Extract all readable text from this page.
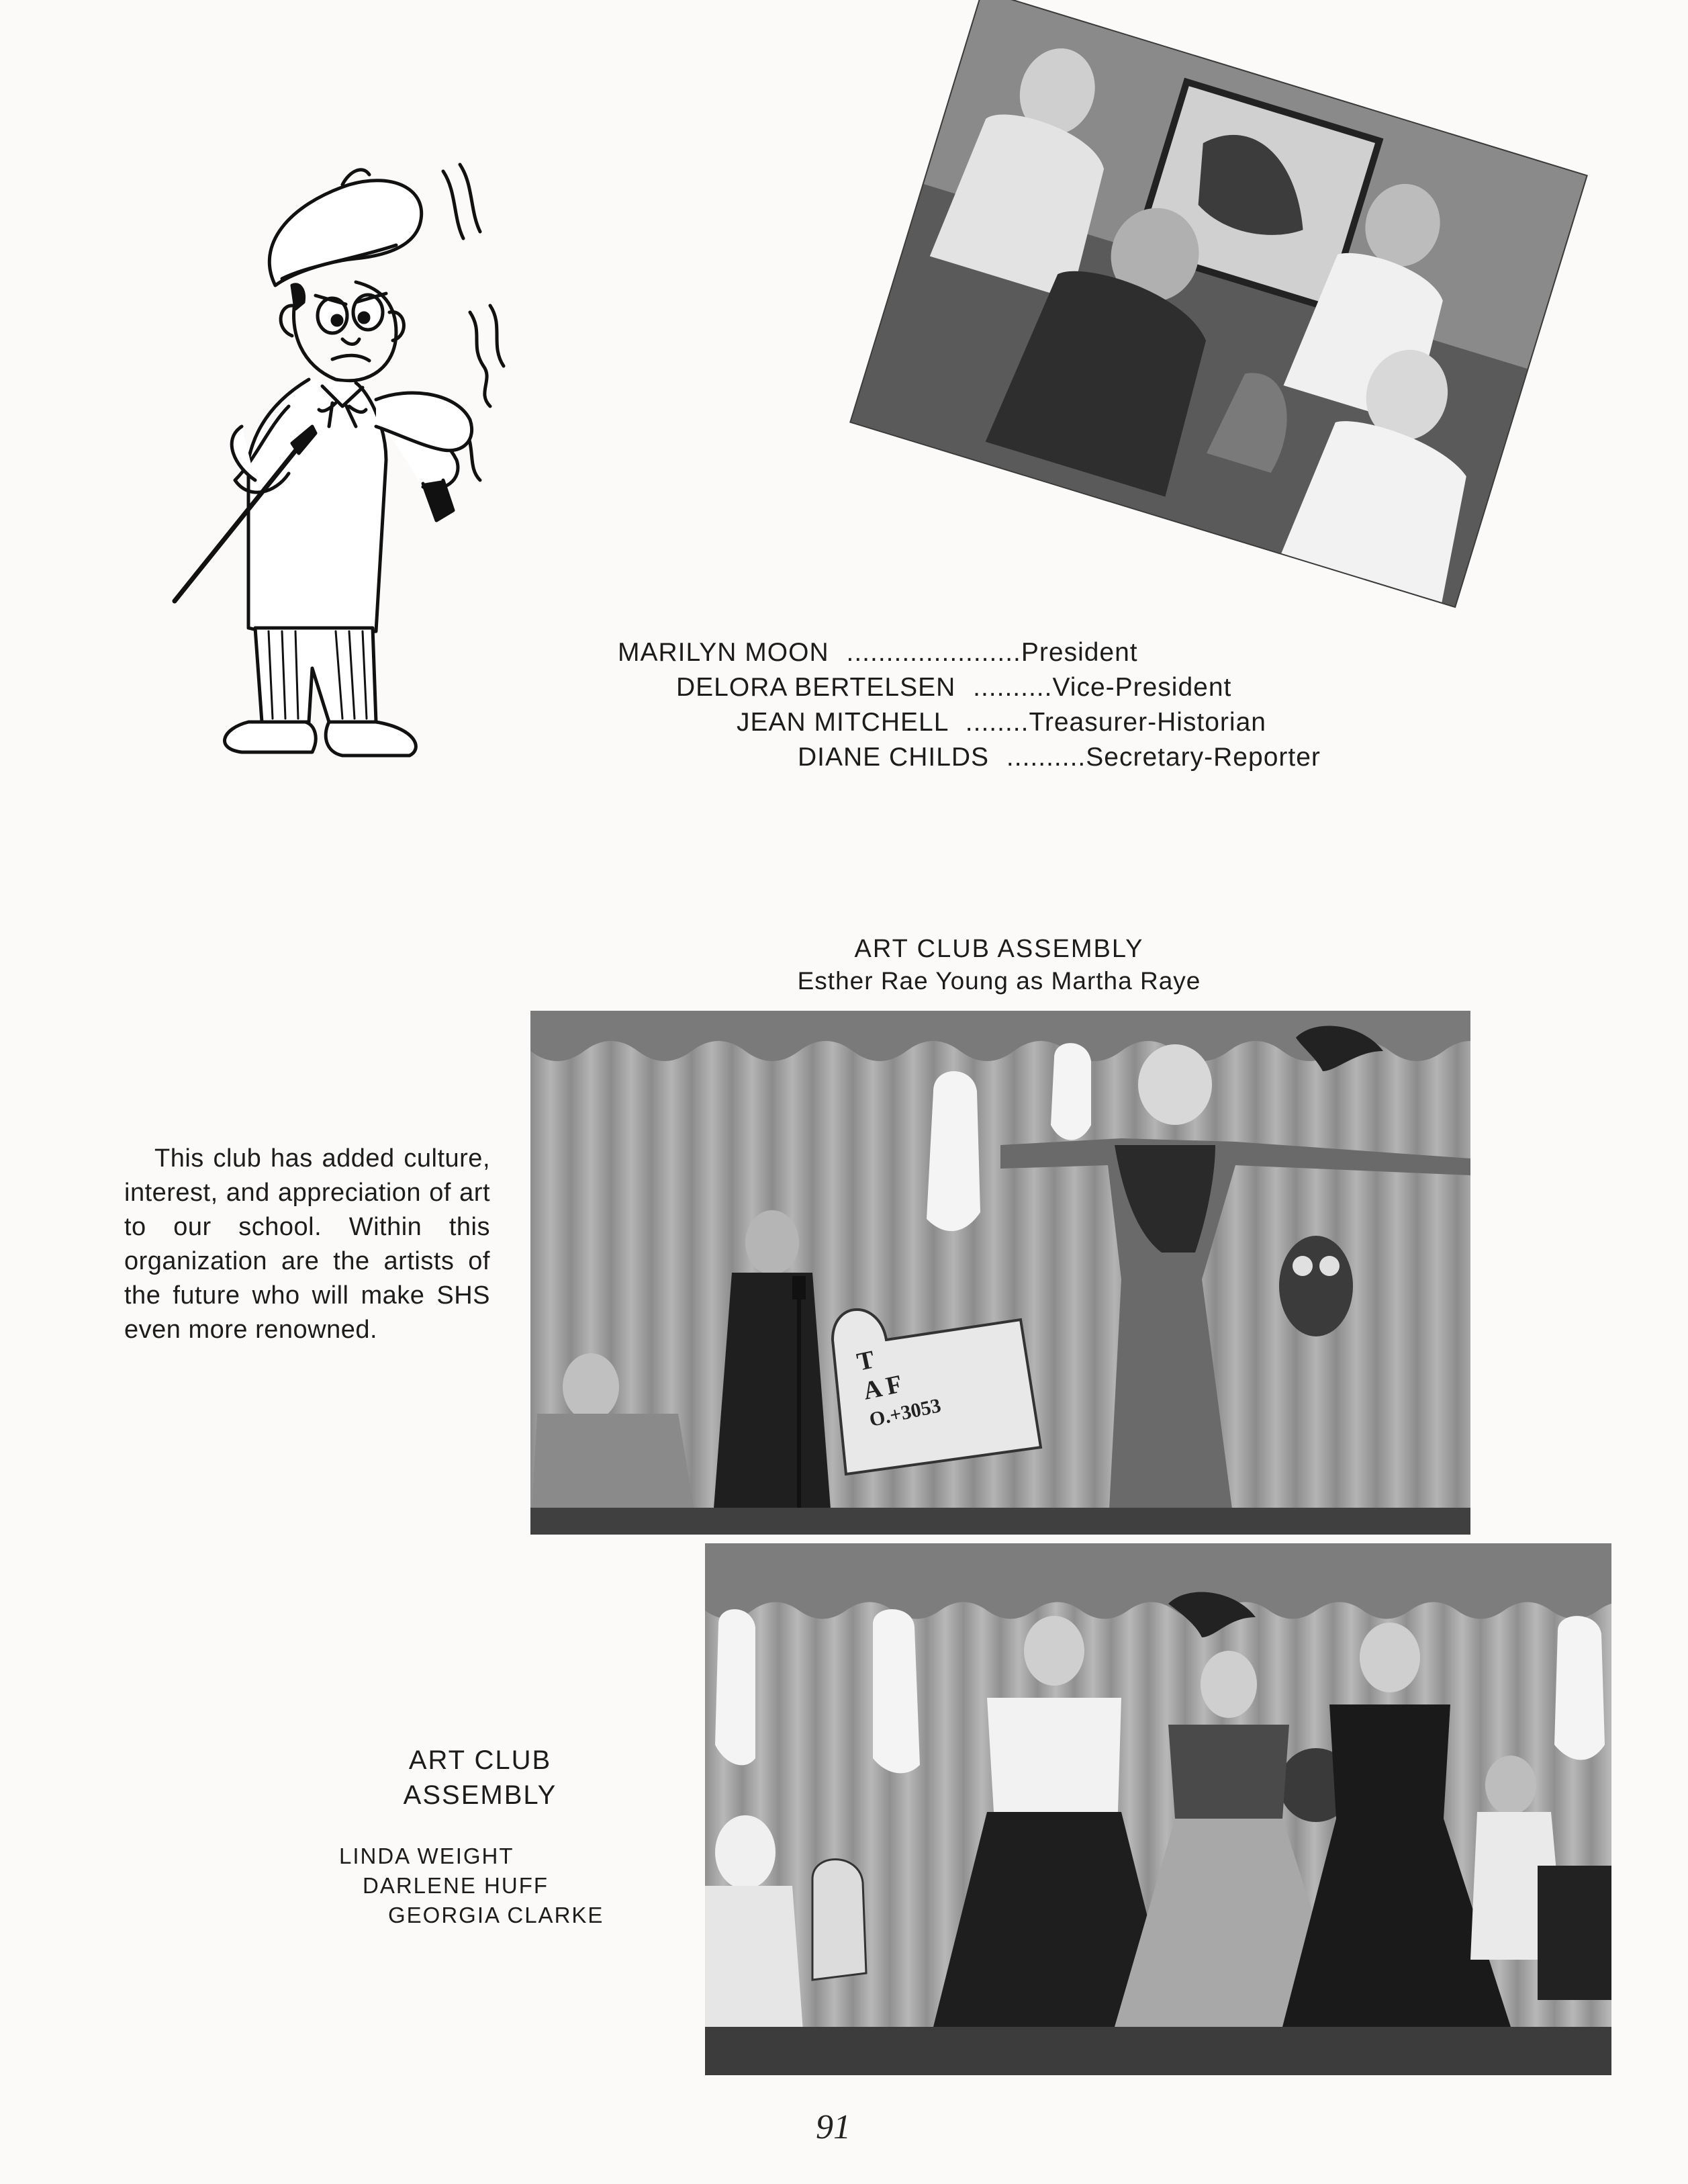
MARILYN MOON ......................President
DELORA BERTELSEN ..........Vice-President
JEAN MITCHELL ........Treasurer-Historian
DIANE CHILDS ..........Secretary-Reporter
ART CLUB ASSEMBLY
Esther Rae Young as Martha Raye
T
A F
O.+3053
This club has added culture, interest, and appreciation of art to our school. Within this organization are the artists of the future who will make SHS even more renowned.
ART CLUB ASSEMBLY
LINDA WEIGHT
DARLENE HUFF
GEORGIA CLARKE
91
